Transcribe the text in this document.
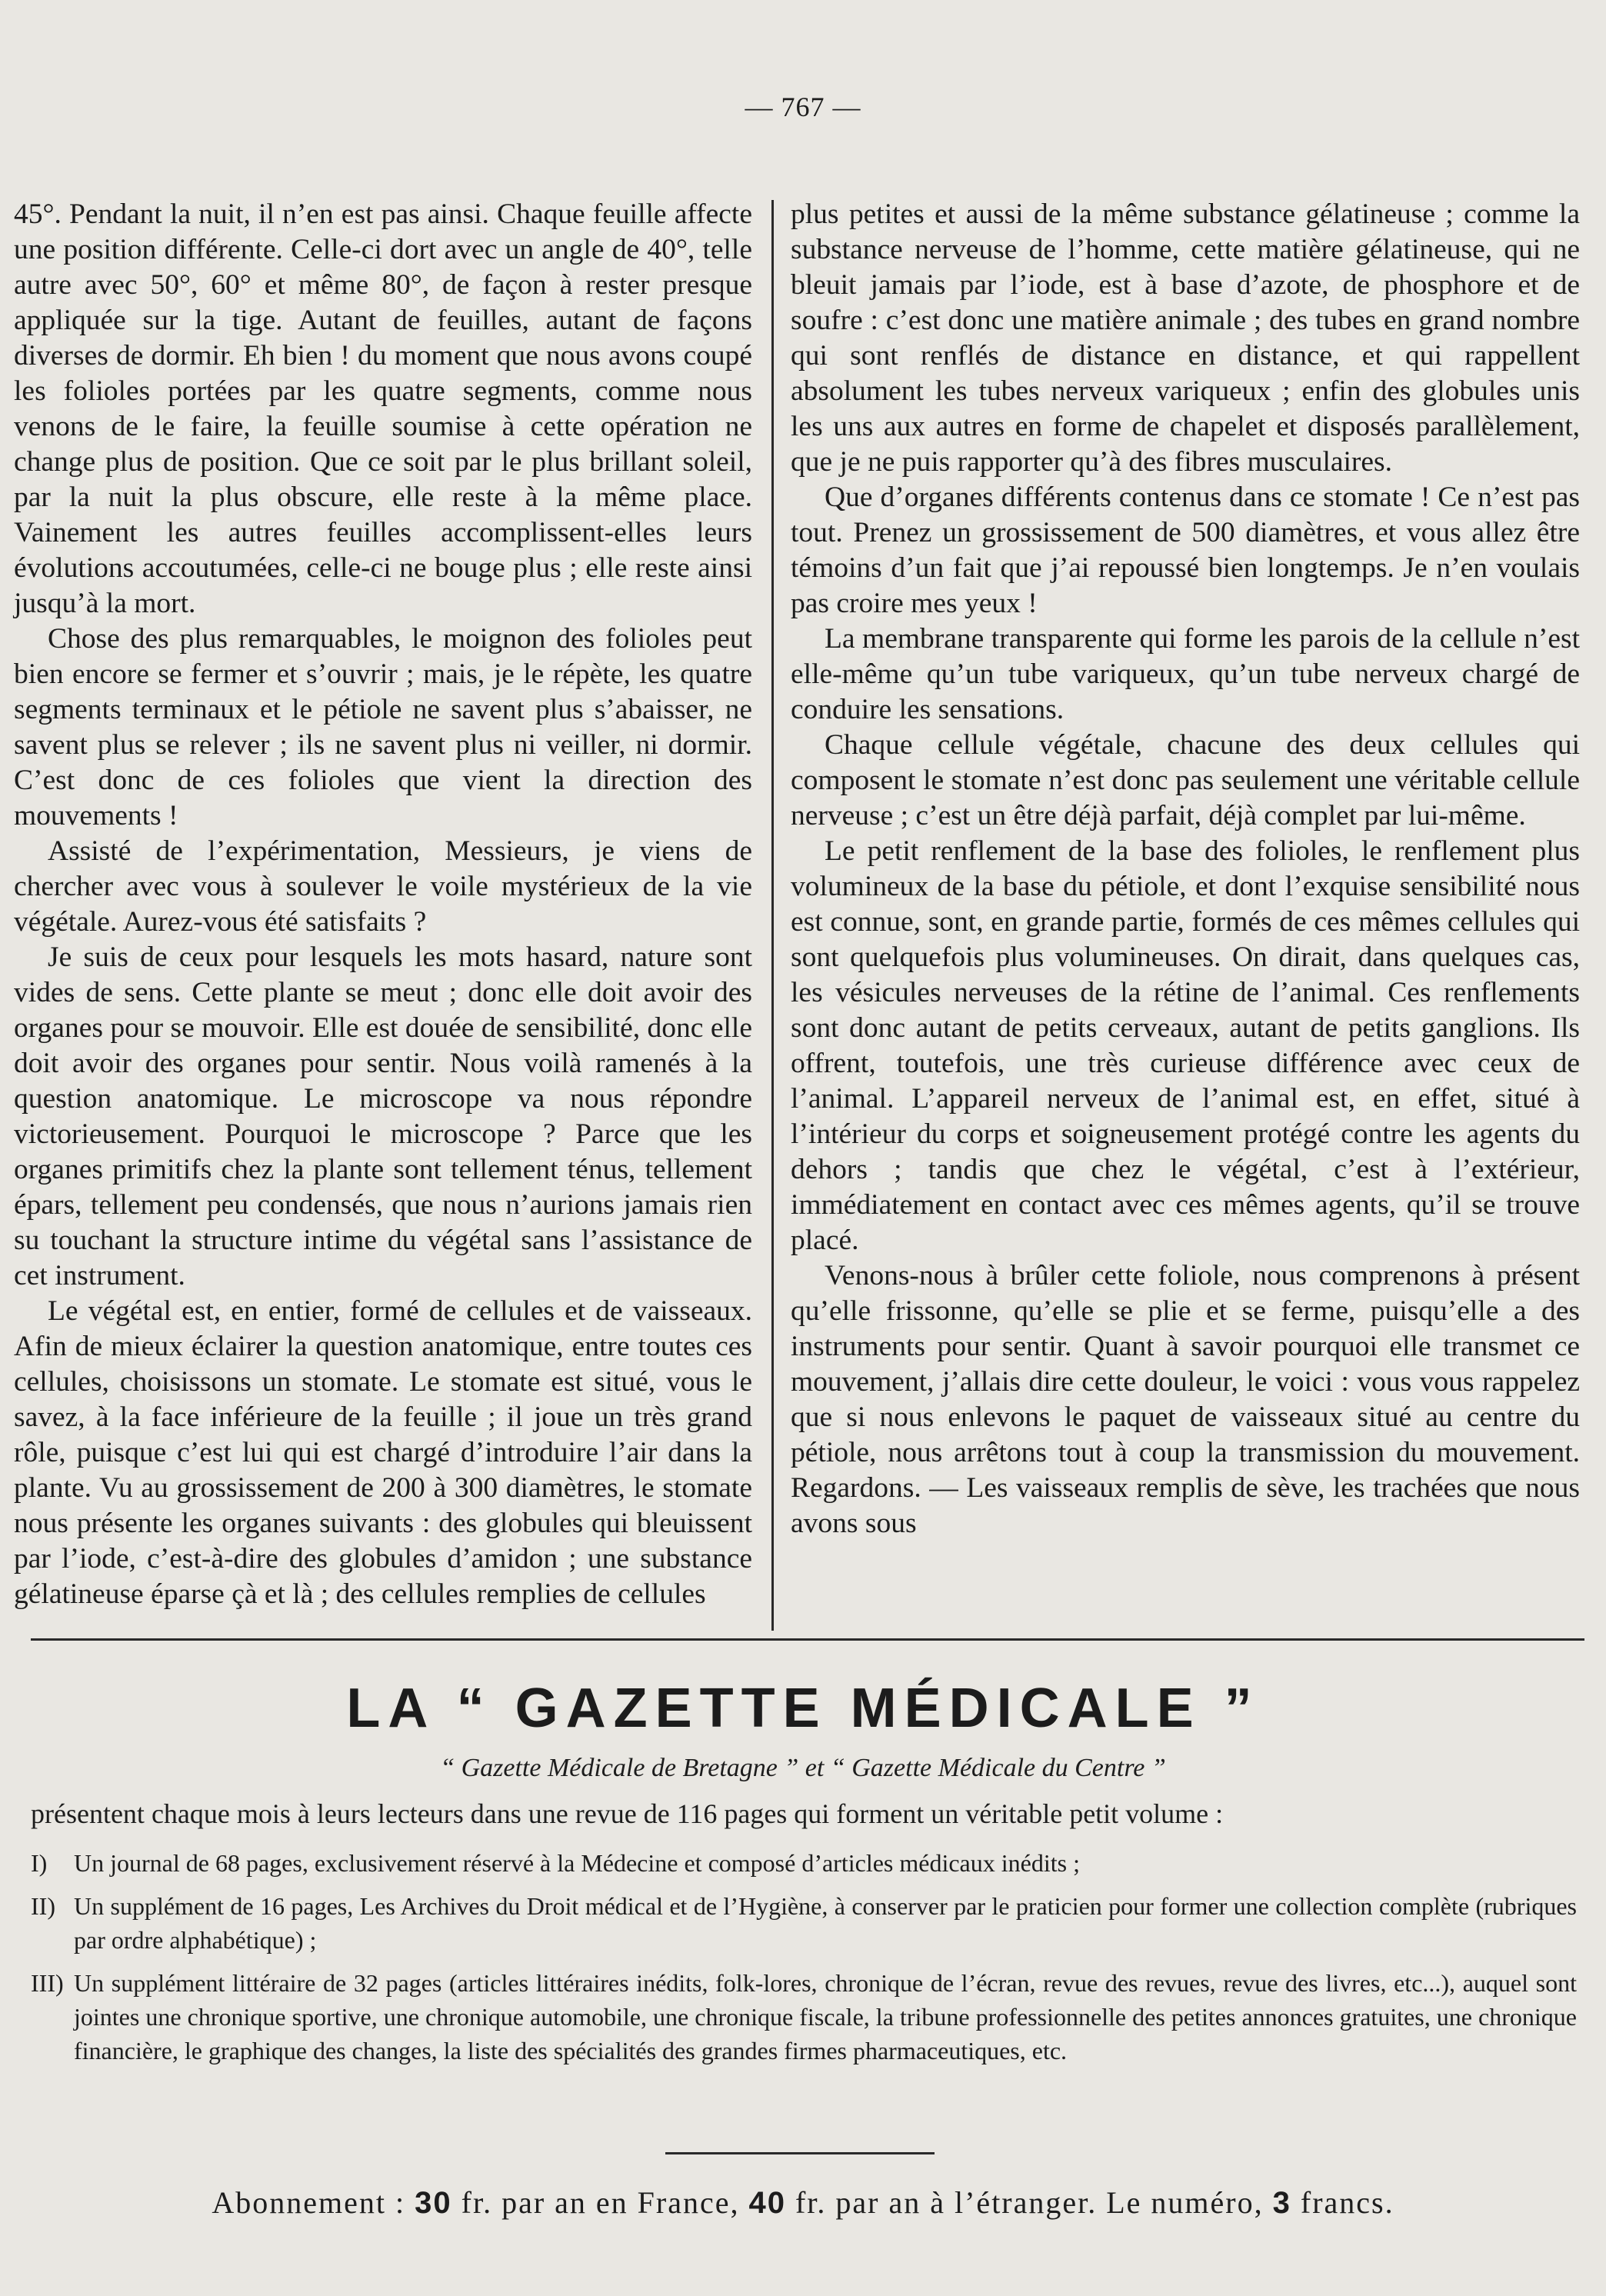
— 767 —

45°. Pendant la nuit, il n’en est pas ainsi. Chaque feuille affecte une position différente. Celle-ci dort avec un angle de 40°, telle autre avec 50°, 60° et même 80°, de façon à rester presque appliquée sur la tige. Autant de feuilles, autant de façons diverses de dormir. Eh bien ! du moment que nous avons coupé les folioles portées par les quatre segments, comme nous venons de le faire, la feuille soumise à cette opération ne change plus de position. Que ce soit par le plus brillant soleil, par la nuit la plus obscure, elle reste à la même place. Vainement les autres feuilles accomplissent-elles leurs évolutions accoutumées, celle-ci ne bouge plus ; elle reste ainsi jusqu’à la mort.

Chose des plus remarquables, le moignon des folioles peut bien encore se fermer et s’ouvrir ; mais, je le répète, les quatre segments terminaux et le pétiole ne savent plus s’abaisser, ne savent plus se relever ; ils ne savent plus ni veiller, ni dormir. C’est donc de ces folioles que vient la direction des mouvements !

Assisté de l’expérimentation, Messieurs, je viens de chercher avec vous à soulever le voile mystérieux de la vie végétale. Aurez-vous été satisfaits ?

Je suis de ceux pour lesquels les mots hasard, nature sont vides de sens. Cette plante se meut ; donc elle doit avoir des organes pour se mouvoir. Elle est douée de sensibilité, donc elle doit avoir des organes pour sentir. Nous voilà ramenés à la question anatomique. Le microscope va nous répondre victorieusement. Pourquoi le microscope ? Parce que les organes primitifs chez la plante sont tellement ténus, tellement épars, tellement peu condensés, que nous n’aurions jamais rien su touchant la structure intime du végétal sans l’assistance de cet instrument.

Le végétal est, en entier, formé de cellules et de vaisseaux. Afin de mieux éclairer la question anatomique, entre toutes ces cellules, choisissons un stomate. Le stomate est situé, vous le savez, à la face inférieure de la feuille ; il joue un très grand rôle, puisque c’est lui qui est chargé d’introduire l’air dans la plante. Vu au grossissement de 200 à 300 diamètres, le stomate nous présente les organes suivants : des globules qui bleuissent par l’iode, c’est-à-dire des globules d’amidon ; une substance gélatineuse éparse çà et là ; des cellules remplies de cellules

plus petites et aussi de la même substance gélatineuse ; comme la substance nerveuse de l’homme, cette matière gélatineuse, qui ne bleuit jamais par l’iode, est à base d’azote, de phosphore et de soufre : c’est donc une matière animale ; des tubes en grand nombre qui sont renflés de distance en distance, et qui rappellent absolument les tubes nerveux variqueux ; enfin des globules unis les uns aux autres en forme de chapelet et disposés parallèlement, que je ne puis rapporter qu’à des fibres musculaires.

Que d’organes différents contenus dans ce stomate ! Ce n’est pas tout. Prenez un grossissement de 500 diamètres, et vous allez être témoins d’un fait que j’ai repoussé bien longtemps. Je n’en voulais pas croire mes yeux !

La membrane transparente qui forme les parois de la cellule n’est elle-même qu’un tube variqueux, qu’un tube nerveux chargé de conduire les sensations.

Chaque cellule végétale, chacune des deux cellules qui composent le stomate n’est donc pas seulement une véritable cellule nerveuse ; c’est un être déjà parfait, déjà complet par lui-même.

Le petit renflement de la base des folioles, le renflement plus volumineux de la base du pétiole, et dont l’exquise sensibilité nous est connue, sont, en grande partie, formés de ces mêmes cellules qui sont quelquefois plus volumineuses. On dirait, dans quelques cas, les vésicules nerveuses de la rétine de l’animal. Ces renflements sont donc autant de petits cerveaux, autant de petits ganglions. Ils offrent, toutefois, une très curieuse différence avec ceux de l’animal. L’appareil nerveux de l’animal est, en effet, situé à l’intérieur du corps et soigneusement protégé contre les agents du dehors ; tandis que chez le végétal, c’est à l’extérieur, immédiatement en contact avec ces mêmes agents, qu’il se trouve placé.

Venons-nous à brûler cette foliole, nous comprenons à présent qu’elle frissonne, qu’elle se plie et se ferme, puisqu’elle a des instruments pour sentir. Quant à savoir pourquoi elle transmet ce mouvement, j’allais dire cette douleur, le voici : vous vous rappelez que si nous enlevons le paquet de vaisseaux situé au centre du pétiole, nous arrêtons tout à coup la transmission du mouvement. Regardons. — Les vaisseaux remplis de sève, les trachées que nous avons sous

LA “ GAZETTE MÉDICALE ”
“ Gazette Médicale de Bretagne ” et “ Gazette Médicale du Centre ”
présentent chaque mois à leurs lecteurs dans une revue de 116 pages qui forment un véritable petit volume :
I) Un journal de 68 pages, exclusivement réservé à la Médecine et composé d’articles médicaux inédits ;
II) Un supplément de 16 pages, Les Archives du Droit médical et de l’Hygiène, à conserver par le praticien pour former une collection complète (rubriques par ordre alphabétique) ;
III) Un supplément littéraire de 32 pages (articles littéraires inédits, folk-lores, chronique de l’écran, revue des revues, revue des livres, etc...), auquel sont jointes une chronique sportive, une chronique automobile, une chronique fiscale, la tribune professionnelle des petites annonces gratuites, une chronique financière, le graphique des changes, la liste des spécialités des grandes firmes pharmaceutiques, etc.
Abonnement : 30 fr. par an en France, 40 fr. par an à l’étranger. Le numéro, 3 francs.
